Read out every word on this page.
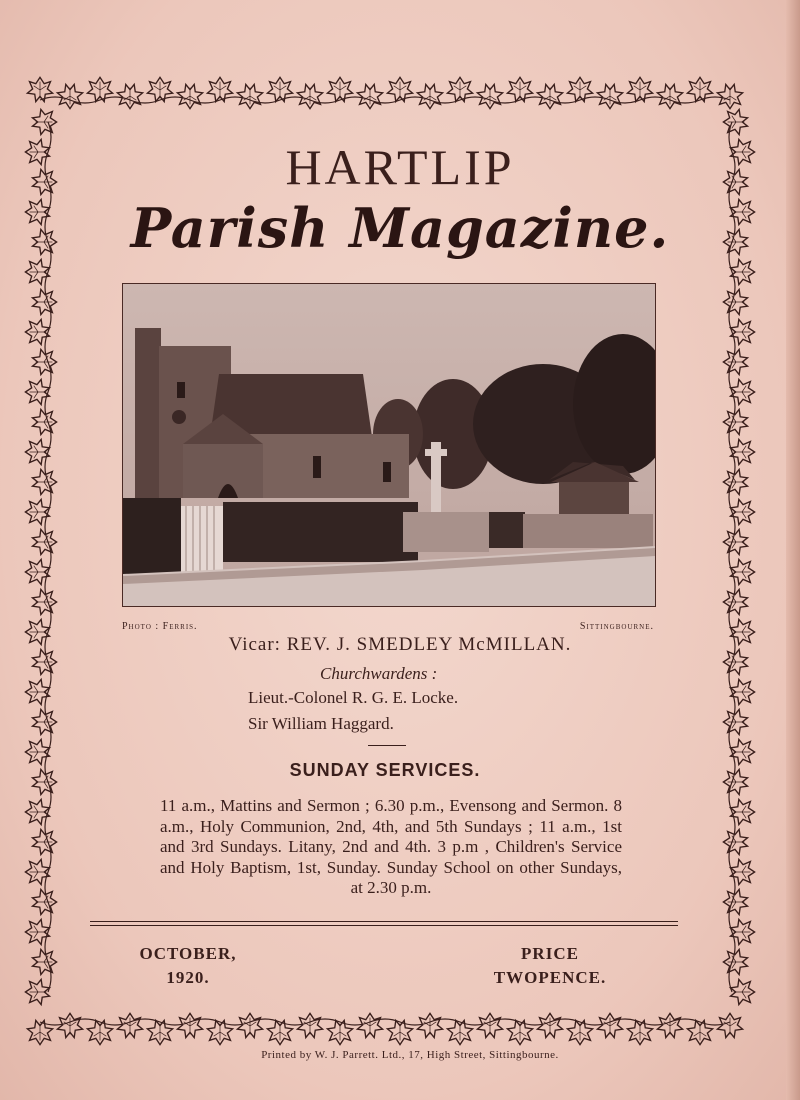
HARTLIP
Parish Magazine.
Photo : Ferris.	Sittingbourne.
Vicar: REV. J. SMEDLEY McMILLAN.
Churchwardens :
Lieut.-Colonel R. G. E. Locke.
Sir William Haggard.
SUNDAY SERVICES.
11 a.m., Mattins and Sermon ; 6.30 p.m., Evensong and Sermon. 8 a.m., Holy Communion, 2nd, 4th, and 5th Sundays ; 11 a.m., 1st and 3rd Sundays. Litany, 2nd and 4th. 3 p.m , Children's Service and Holy Baptism, 1st, Sunday. Sunday School on other Sundays, at 2.30 p.m.
OCTOBER,
1920.
PRICE
TWOPENCE.
Printed by W. J. Parrett. Ltd., 17, High Street, Sittingbourne.
